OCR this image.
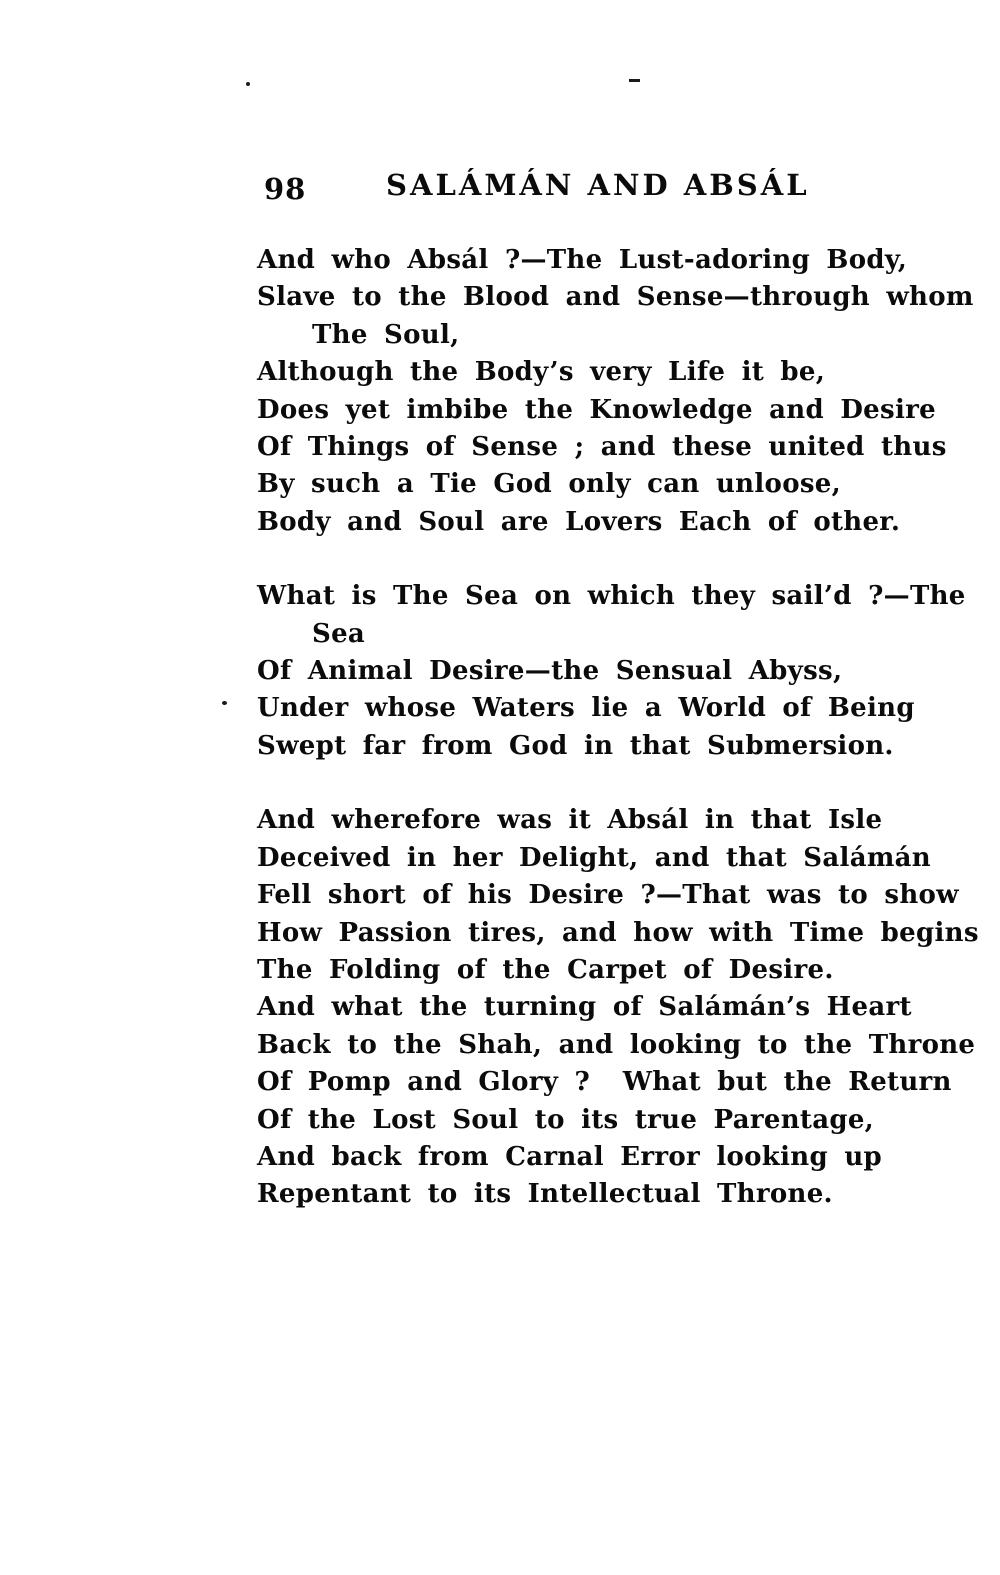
98	SALÁMÁN AND ABSÁL

And who Absál ?—The Lust-adoring Body,

Slave to the Blood and Sense—through whom

The Soul,

Although the Body’s very Life it be,

Does yet imbibe the Knowledge and Desire

Of Things of Sense ; and these united thus

By such a Tie God only can unloose,

Body and Soul are Lovers Each of other.

What is The Sea on which they sail’d ?—The

Sea

Of Animal Desire—the Sensual Abyss,

Under whose Waters lie a World of Being

Swept far from God in that Submersion.

And wherefore was it Absál in that Isle

Deceived in her Delight, and that Salámán

Fell short of his Desire ?—That was to show

How Passion tires, and how with Time begins

The Folding of the Carpet of Desire.

And what the turning of Salámán’s Heart

Back to the Shah, and looking to the Throne

Of Pomp and Glory ?  What but the Return

Of the Lost Soul to its true Parentage,

And back from Carnal Error looking up

Repentant to its Intellectual Throne.
